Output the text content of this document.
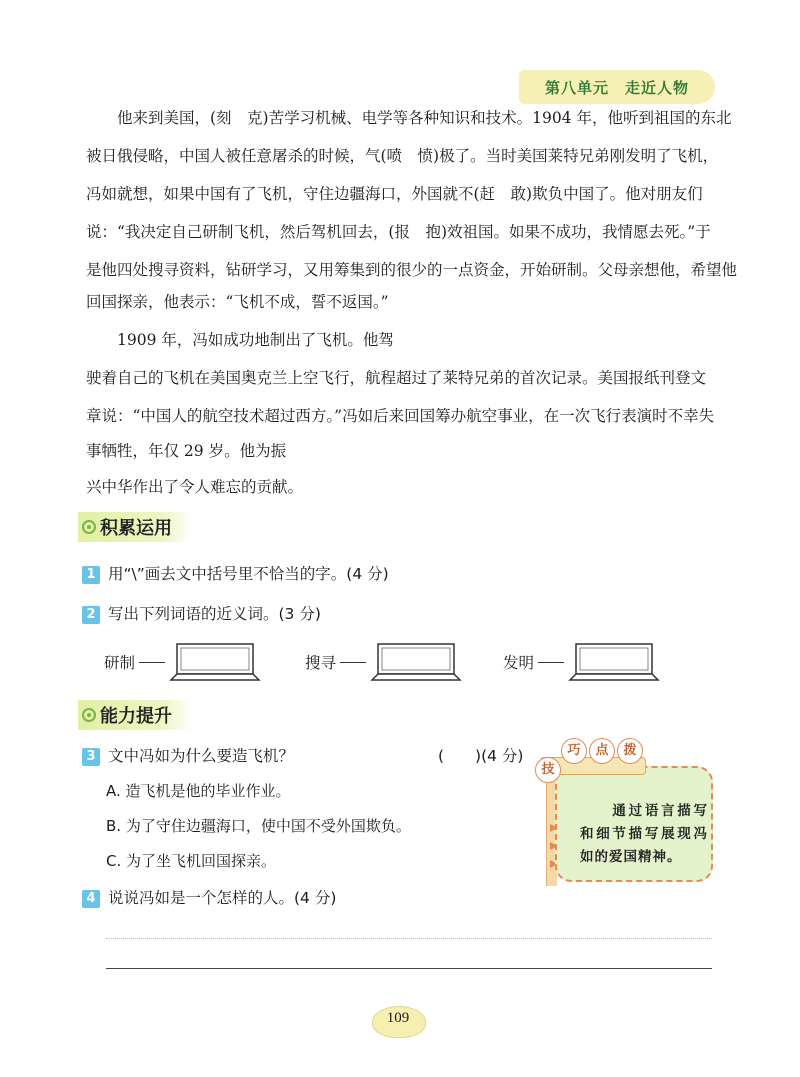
第八单元　走近人物
他来到美国，(刻　克)苦学习机械、电学等各种知识和技术。1904 年，他听到祖国的东北
被日俄侵略，中国人被任意屠杀的时候，气(喷　愤)极了。当时美国莱特兄弟刚发明了飞机，
冯如就想，如果中国有了飞机，守住边疆海口，外国就不(赶　敢)欺负中国了。他对朋友们
说：“我决定自己研制飞机，然后驾机回去，(报　抱)效祖国。如果不成功，我情愿去死。”于
是他四处搜寻资料，钻研学习，又用筹集到的很少的一点资金，开始研制。父母亲想他，希望他
回国探亲，他表示：“飞机不成，誓不返国。”
1909 年，冯如成功地制出了飞机。他驾
驶着自己的飞机在美国奥克兰上空飞行，航程超过了莱特兄弟的首次记录。美国报纸刊登文
章说：“中国人的航空技术超过西方。”冯如后来回国筹办航空事业，在一次飞行表演时不幸失
事牺牲，年仅 29 岁。他为振
兴中华作出了令人难忘的贡献。
积累运用
1 用“\”画去文中括号里不恰当的字。(4 分)
2 写出下列词语的近义词。(3 分)
研制	搜寻	发明
能力提升
3 文中冯如为什么要造飞机？	(　　)(4 分)
A. 造飞机是他的毕业作业。
B. 为了守住边疆海口，使中国不受外国欺负。
C. 为了坐飞机回国探亲。
4 说说冯如是一个怎样的人。(4 分)
技
巧	点	拨
　　通过语言描写和细节描写展现冯如的爱国精神。
109
